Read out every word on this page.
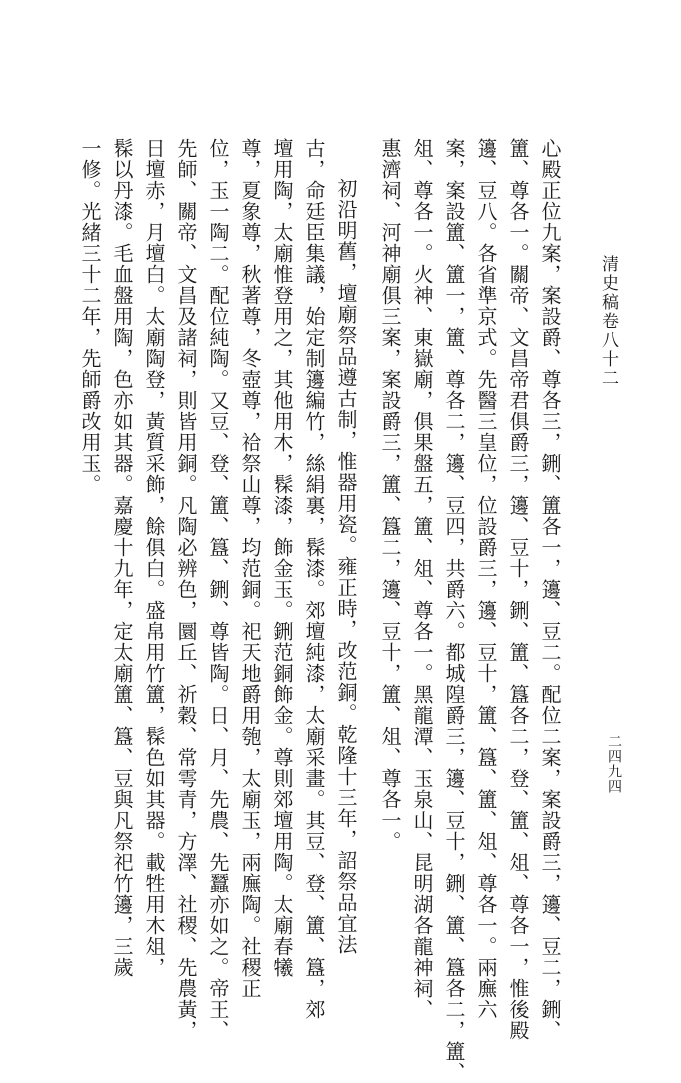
清史稿卷八十二
二四九四
心殿正位九案，案設爵、尊各三，鉶、簠各一，籩、豆二。配位二案，案設爵三，籩、豆二，鉶、
簠、尊各一。關帝、文昌帝君俱爵三，籩、豆十，鉶、簠、簋各二，登、簠、俎、尊各一，惟後殿
籩、豆八。各省準京式。先醫三皇位，位設爵三，籩、豆十，簠、簋、簠、俎、尊各一。兩廡六
案，案設簠、簠一，簠、尊各二，籩、豆四，共爵六。都城隍爵三，籩、豆十，鉶、簠、簋各二，簠、
俎、尊各一。火神、東嶽廟，俱果盤五，簠、俎、尊各一。黑龍潭、玉泉山、昆明湖各龍神祠、
惠濟祠、河神廟俱三案，案設爵三，簠、簋二，籩、豆十，簠、俎、尊各一。
初沿明舊，壇廟祭品遵古制，惟器用瓷。雍正時，改范銅。乾隆十三年，詔祭品宜法
古，命廷臣集議，始定制籩編竹，絲絹裏，髹漆。郊壇純漆，太廟采畫。其豆、登、簠、簋，郊
壇用陶，太廟惟登用之，其他用木，髹漆，飾金玉。鉶范銅飾金。尊則郊壇用陶。太廟春犧
尊，夏象尊，秋著尊，冬壺尊，祫祭山尊，均范銅。祀天地爵用匏，太廟玉，兩廡陶。社稷正
位，玉一陶二。配位純陶。又豆、登、簠、簋、鉶、尊皆陶。日、月、先農、先蠶亦如之。帝王、
先師、關帝、文昌及諸祠，則皆用銅。凡陶必辨色，圜丘、祈穀、常雩青，方澤、社稷、先農黃，
日壇赤，月壇白。太廟陶登，黃質采飾，餘俱白。盛帛用竹簠，髹色如其器。載牲用木俎，
髹以丹漆。毛血盤用陶，色亦如其器。嘉慶十九年，定太廟簠、簋、豆與凡祭祀竹籩，三歲
一修。光緒三十二年，先師爵改用玉。
